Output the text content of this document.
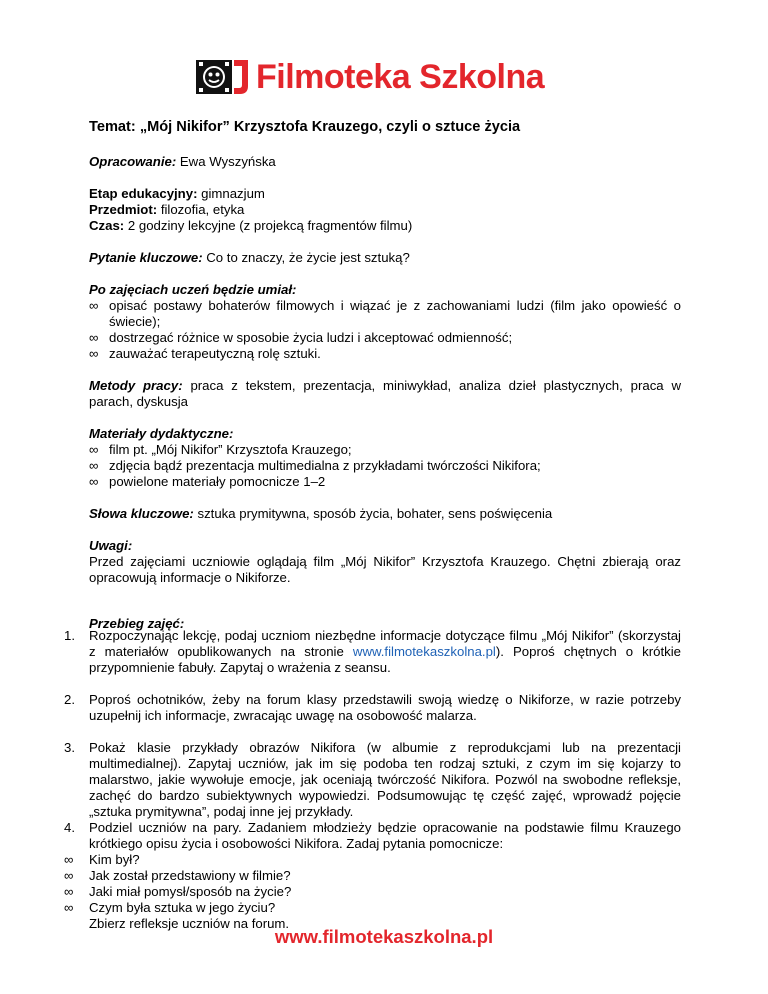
Filmoteka Szkolna
Temat: „Mój Nikifor” Krzysztofa Krauzego, czyli o sztuce życia
Opracowanie: Ewa Wyszyńska
Etap edukacyjny: gimnazjum
Przedmiot: filozofia, etyka
Czas: 2 godziny lekcyjne (z projekcą fragmentów filmu)
Pytanie kluczowe: Co to znaczy, że życie jest sztuką?
Po zajęciach uczeń będzie umiał:
∞ opisać postawy bohaterów filmowych i wiązać je z zachowaniami ludzi (film jako opowieść o świecie);
∞ dostrzegać różnice w sposobie życia ludzi i akceptować odmienność;
∞ zauważać terapeutyczną rolę sztuki.
Metody pracy: praca z tekstem, prezentacja, miniwykład, analiza dzieł plastycznych, praca w parach, dyskusja
Materiały dydaktyczne:
∞ film pt. „Mój Nikifor” Krzysztofa Krauzego;
∞ zdjęcia bądź prezentacja multimedialna z przykładami twórczości Nikifora;
∞ powielone materiały pomocnicze 1–2
Słowa kluczowe: sztuka prymitywna, sposób życia, bohater, sens poświęcenia
Uwagi:
Przed zajęciami uczniowie oglądają film „Mój Nikifor” Krzysztofa Krauzego. Chętni zbierają oraz opracowują informacje o Nikiforze.
Przebieg zajęć:
1. Rozpoczynając lekcję, podaj uczniom niezbędne informacje dotyczące filmu „Mój Nikifor” (skorzystaj z materiałów opublikowanych na stronie www.filmotekaszkolna.pl). Poproś chętnych o krótkie przypomnienie fabuły. Zapytaj o wrażenia z seansu.
2. Poproś ochotników, żeby na forum klasy przedstawili swoją wiedzę o Nikiforze, w razie potrzeby uzupełnij ich informacje, zwracając uwagę na osobowość malarza.
3. Pokaż klasie przykłady obrazów Nikifora (w albumie z reprodukcjami lub na prezentacji multimedialnej). Zapytaj uczniów, jak im się podoba ten rodzaj sztuki, z czym im się kojarzy to malarstwo, jakie wywołuje emocje, jak oceniają twórczość Nikifora. Pozwól na swobodne refleksje, zachęć do bardzo subiektywnych wypowiedzi. Podsumowując tę część zajęć, wprowadź pojęcie „sztuka prymitywna”, podaj inne jej przykłady.
4. Podziel uczniów na pary. Zadaniem młodzieży będzie opracowanie na podstawie filmu Krauzego krótkiego opisu życia i osobowości Nikifora. Zadaj pytania pomocnicze:
∞ Kim był?
∞ Jak został przedstawiony w filmie?
∞ Jaki miał pomysł/sposób na życie?
∞ Czym była sztuka w jego życiu?
Zbierz refleksje uczniów na forum.
www.filmotekaszkolna.pl
